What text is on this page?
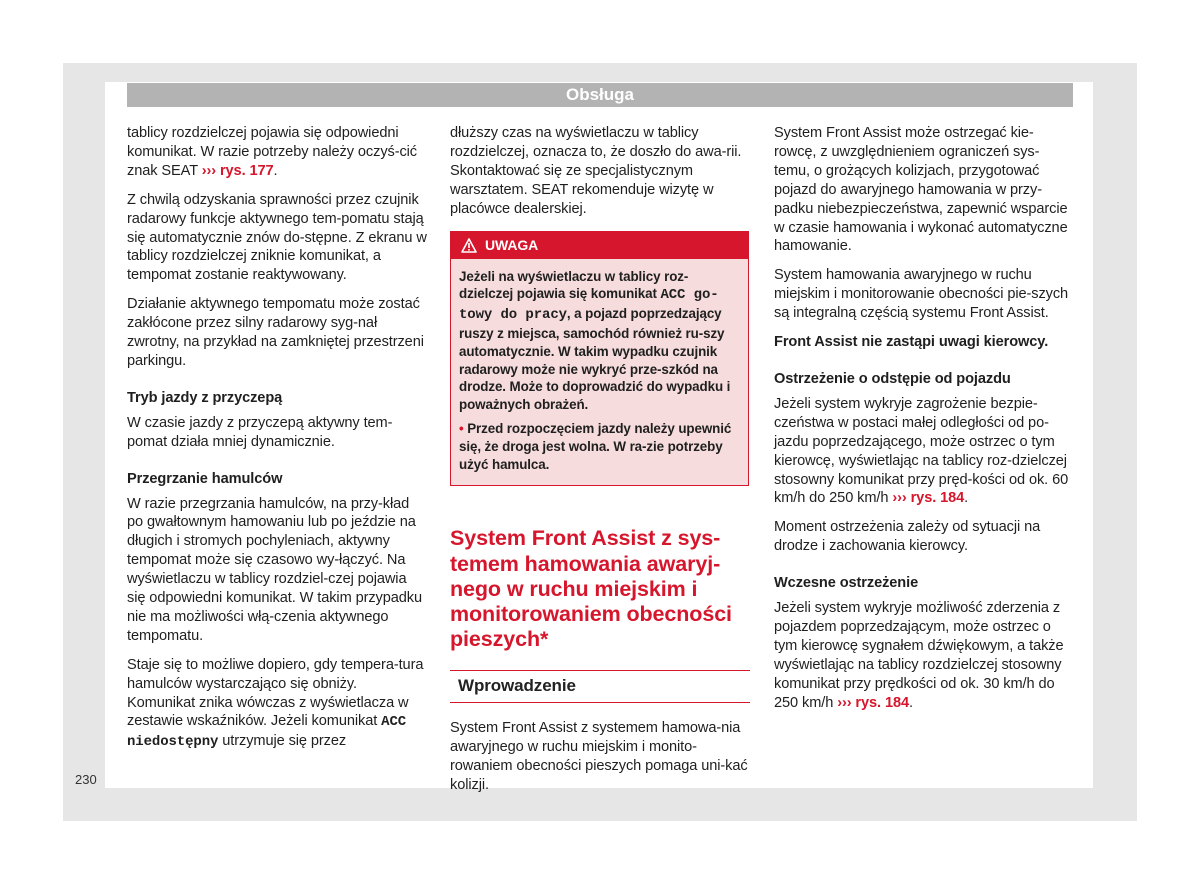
Obsługa

tablicy rozdzielczej pojawia się odpowiedni komunikat. W razie potrzeby należy oczyś-cić znak SEAT ››› rys. 177.

Z chwilą odzyskania sprawności przez czujnik radarowy funkcje aktywnego tem-pomatu stają się automatycznie znów do-stępne. Z ekranu w tablicy rozdzielczej zniknie komunikat, a tempomat zostanie reaktywowany.

Działanie aktywnego tempomatu może zostać zakłócone przez silny radarowy syg-nał zwrotny, na przykład na zamkniętej przestrzeni parkingu.

Tryb jazdy z przyczepą

W czasie jazdy z przyczepą aktywny tem-pomat działa mniej dynamicznie.

Przegrzanie hamulców

W razie przegrzania hamulców, na przy-kład po gwałtownym hamowaniu lub po jeździe na długich i stromych pochyleniach, aktywny tempomat może się czasowo wy-łączyć. Na wyświetlaczu w tablicy rozdziel-czej pojawia się odpowiedni komunikat. W takim przypadku nie ma możliwości włą-czenia aktywnego tempomatu.

Staje się to możliwe dopiero, gdy tempera-tura hamulców wystarczająco się obniży. Komunikat znika wówczas z wyświetlacza w zestawie wskaźników. Jeżeli komunikat ACC niedostępny utrzymuje się przez

dłuższy czas na wyświetlaczu w tablicy rozdzielczej, oznacza to, że doszło do awa-rii. Skontaktować się ze specjalistycznym warsztatem. SEAT rekomenduje wizytę w placówce dealerskiej.

UWAGA

Jeżeli na wyświetlaczu w tablicy roz-dzielczej pojawia się komunikat ACC go-towy do pracy, a pojazd poprzedzający ruszy z miejsca, samochód również ru-szy automatycznie. W takim wypadku czujnik radarowy może nie wykryć prze-szkód na drodze. Może to doprowadzić do wypadku i poważnych obrażeń.

• Przed rozpoczęciem jazdy należy upewnić się, że droga jest wolna. W ra-zie potrzeby użyć hamulca.

System Front Assist z sys-temem hamowania awaryj-nego w ruchu miejskim i monitorowaniem obecności pieszych*
Wprowadzenie

System Front Assist z systemem hamowa-nia awaryjnego w ruchu miejskim i monito-rowaniem obecności pieszych pomaga uni-kać kolizji.

System Front Assist może ostrzegać kie-rowcę, z uwzględnieniem ograniczeń sys-temu, o grożących kolizjach, przygotować pojazd do awaryjnego hamowania w przy-padku niebezpieczeństwa, zapewnić wsparcie w czasie hamowania i wykonać automatyczne hamowanie.

System hamowania awaryjnego w ruchu miejskim i monitorowanie obecności pie-szych są integralną częścią systemu Front Assist.

Front Assist nie zastąpi uwagi kierowcy.

Ostrzeżenie o odstępie od pojazdu

Jeżeli system wykryje zagrożenie bezpie-czeństwa w postaci małej odległości od po-jazdu poprzedzającego, może ostrzec o tym kierowcę, wyświetlając na tablicy roz-dzielczej stosowny komunikat przy pręd-kości od ok. 60 km/h do 250 km/h ››› rys. 184.

Moment ostrzeżenia zależy od sytuacji na drodze i zachowania kierowcy.

Wczesne ostrzeżenie

Jeżeli system wykryje możliwość zderzenia z pojazdem poprzedzającym, może ostrzec o tym kierowcę sygnałem dźwiękowym, a także wyświetlając na tablicy rozdzielczej stosowny komunikat przy prędkości od ok. 30 km/h do 250 km/h ››› rys. 184.

230
